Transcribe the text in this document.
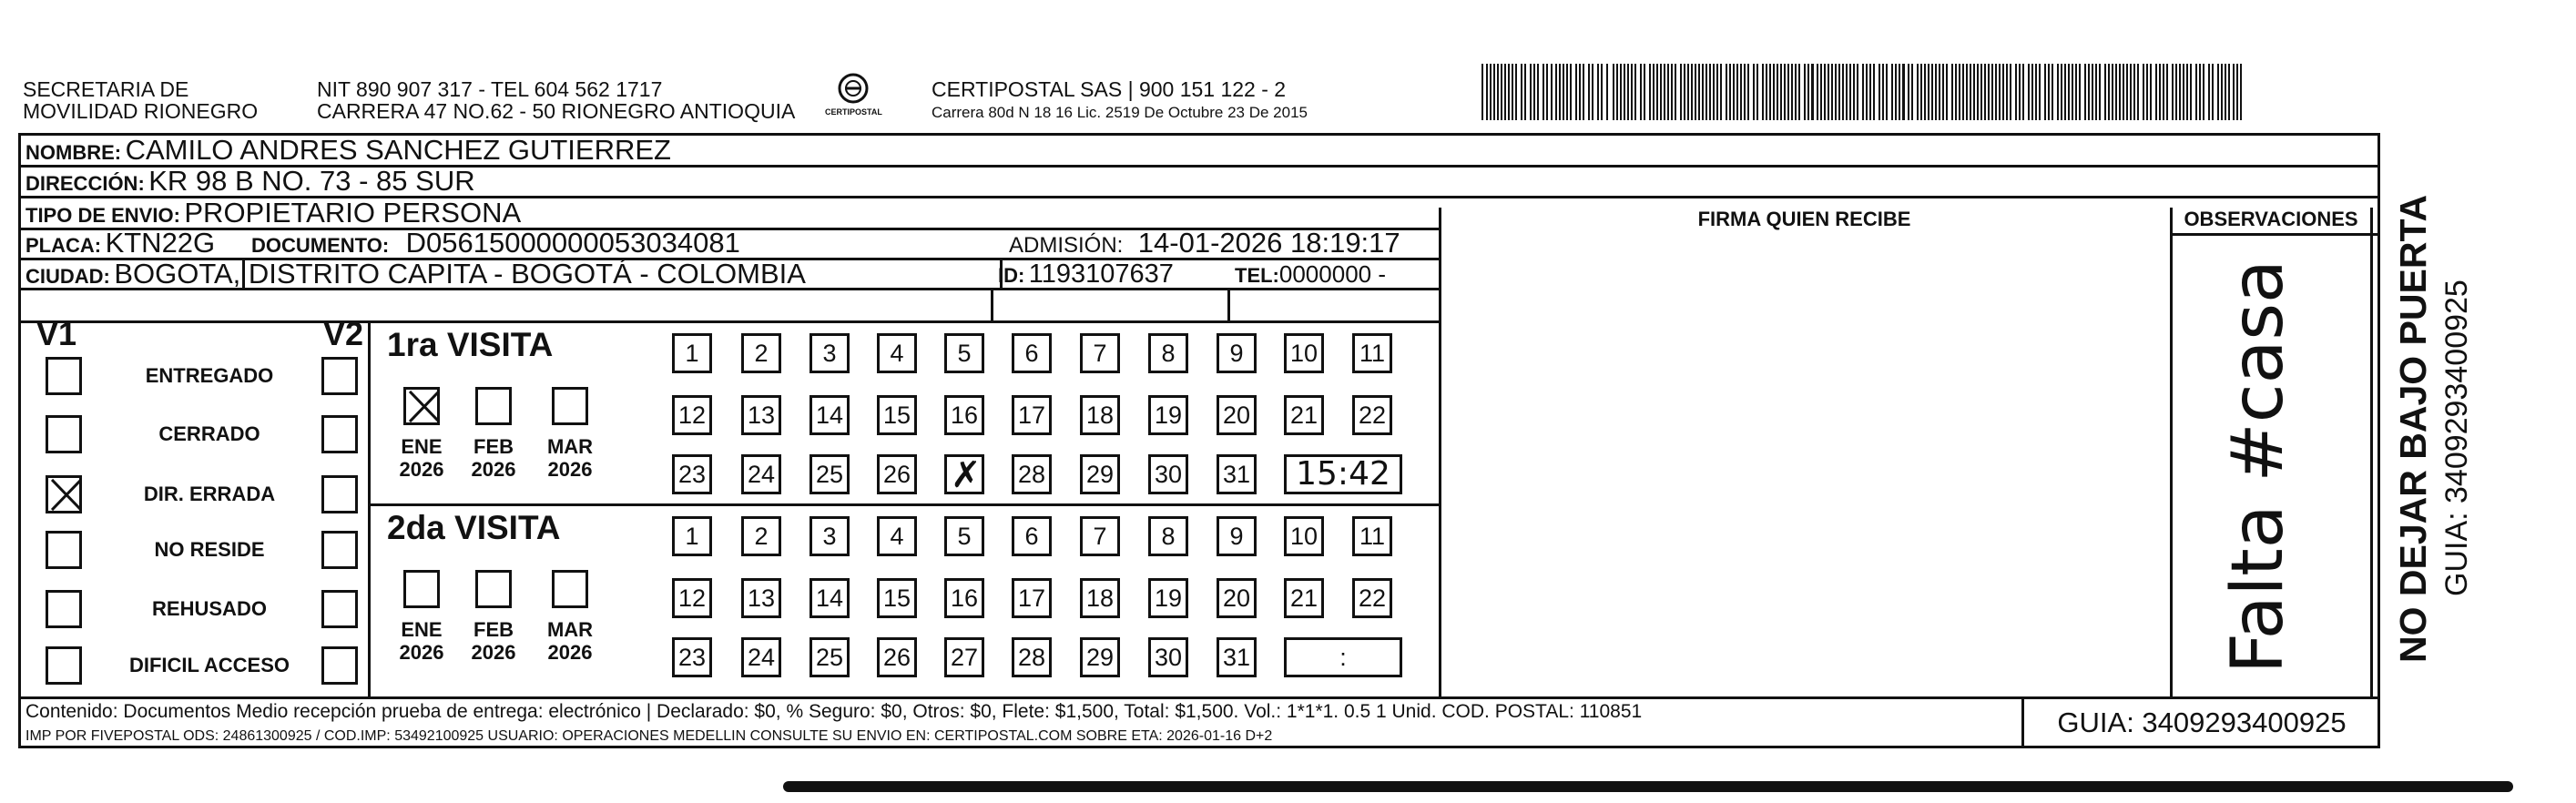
SECRETARIA DE
MOVILIDAD RIONEGRO
NIT 890 907 317 - TEL 604 562 1717
CARRERA 47 NO.62 - 50 RIONEGRO ANTIOQUIA	CERTIPOSTAL
CERTIPOSTAL SAS | 900 151 122 - 2
Carrera 80d N 18 16 Lic. 2519 De Octubre 23 De 2015
NOMBRE: CAMILO ANDRES SANCHEZ GUTIERREZ
DIRECCIÓN: KR 98 B NO. 73 - 85 SUR
TIPO DE ENVIO: PROPIETARIO PERSONA
PLACA: KTN22G DOCUMENTO: D05615000000053034081	ADMISIÓN: 14-01-2026 18:19:17
CIUDAD: BOGOTA, DISTRITO CAPITA - BOGOTÁ - COLOMBIA	ID: 1193107637	TEL:0000000 -
FIRMA QUIEN RECIBE	OBSERVACIONES
Falta #casa
V1	V2
ENTREGADO
CERRADO
DIR. ERRADA
NO RESIDE
REHUSADO
DIFICIL ACCESO
1ra VISITA
ENE
2026
FEB
2026
MAR
2026
1	2	3	4	5	6	7	8	9	10 11
12 13 14 15 16 17 18 19 20 21 22
23 24 25 26
✗	28 29 30 31	15:42
2da VISITA
ENE
2026
FEB
2026
MAR
2026
1	2	3	4	5	6	7	8	9	10 11
12 13 14 15 16 17 18 19 20 21 22
23 24 25 26 27 28 29 30 31	:
Contenido: Documentos Medio recepción prueba de entrega: electrónico | Declarado: $0, % Seguro: $0, Otros: $0, Flete: $1,500, Total: $1,500. Vol.: 1*1*1. 0.5 1 Unid. COD. POSTAL: 110851
IMP POR FIVEPOSTAL ODS: 24861300925 / COD.IMP: 53492100925 USUARIO: OPERACIONES MEDELLIN CONSULTE SU ENVIO EN: CERTIPOSTAL.COM SOBRE ETA: 2026-01-16 D+2	GUIA: 3409293400925
NO DEJAR BAJO PUERTA GUIA: 3409293400925
